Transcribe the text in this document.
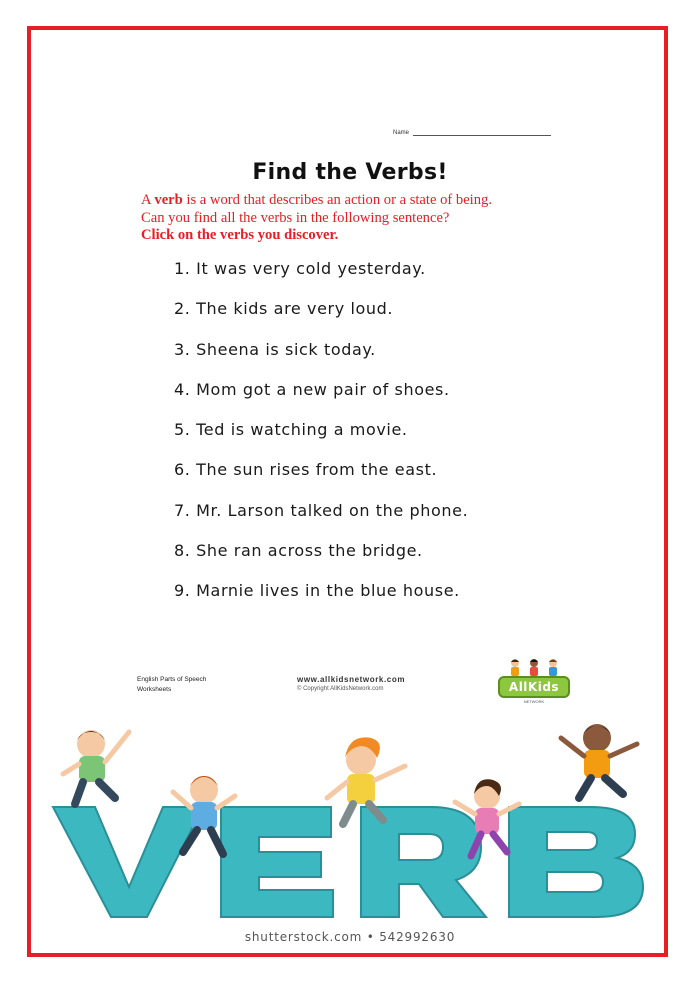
Name
Find the Verbs!
A verb is a word that describes an action or a state of being.
Can you find all the verbs in the following sentence?
Click on the verbs you discover.
1. It was very cold yesterday.
2. The kids are very loud.
3. Sheena is sick today.
4. Mom got a new pair of shoes.
5. Ted is watching a movie.
6. The sun rises from the east.
7. Mr. Larson talked on the phone.
8. She ran across the bridge.
9. Marnie lives in the blue house.
English Parts of Speech
Worksheets
www.allkidsnetwork.com
© Copyright AllKidsNetwork.com	AllKids
NETWORK
shutterstock.com • 542992630
